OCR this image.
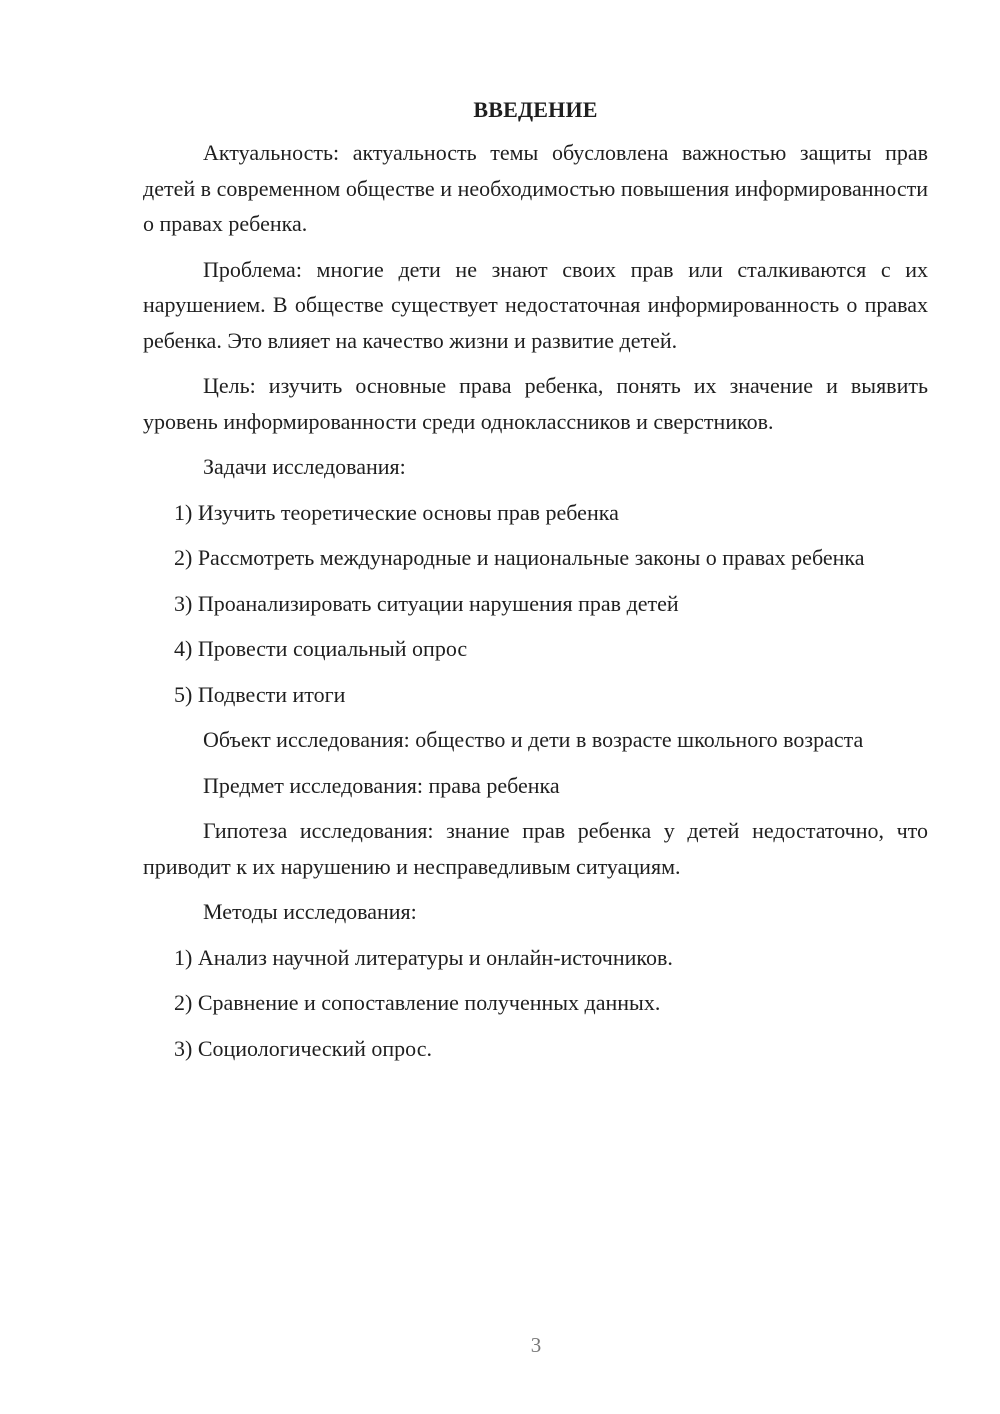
ВВЕДЕНИЕ

Актуальность: актуальность темы обусловлена важностью защиты прав детей в современном обществе и необходимостью повышения информированности о правах ребенка.

Проблема: многие дети не знают своих прав или сталкиваются с их нарушением. В обществе существует недостаточная информированность о правах ребенка. Это влияет на качество жизни и развитие детей.

Цель: изучить основные права ребенка, понять их значение и выявить уровень информированности среди одноклассников и сверстников.

Задачи исследования:

1) Изучить теоретические основы прав ребенка

2) Рассмотреть международные и национальные законы о правах ребенка

3) Проанализировать ситуации нарушения прав детей

4) Провести социальный опрос

5) Подвести итоги

Объект исследования: общество и дети в возрасте школьного возраста

Предмет исследования: права ребенка

Гипотеза исследования: знание прав ребенка у детей недостаточно, что приводит к их нарушению и несправедливым ситуациям.

Методы исследования:

1) Анализ научной литературы и онлайн-источников.

2) Сравнение и сопоставление полученных данных.

3) Социологический опрос.

3
